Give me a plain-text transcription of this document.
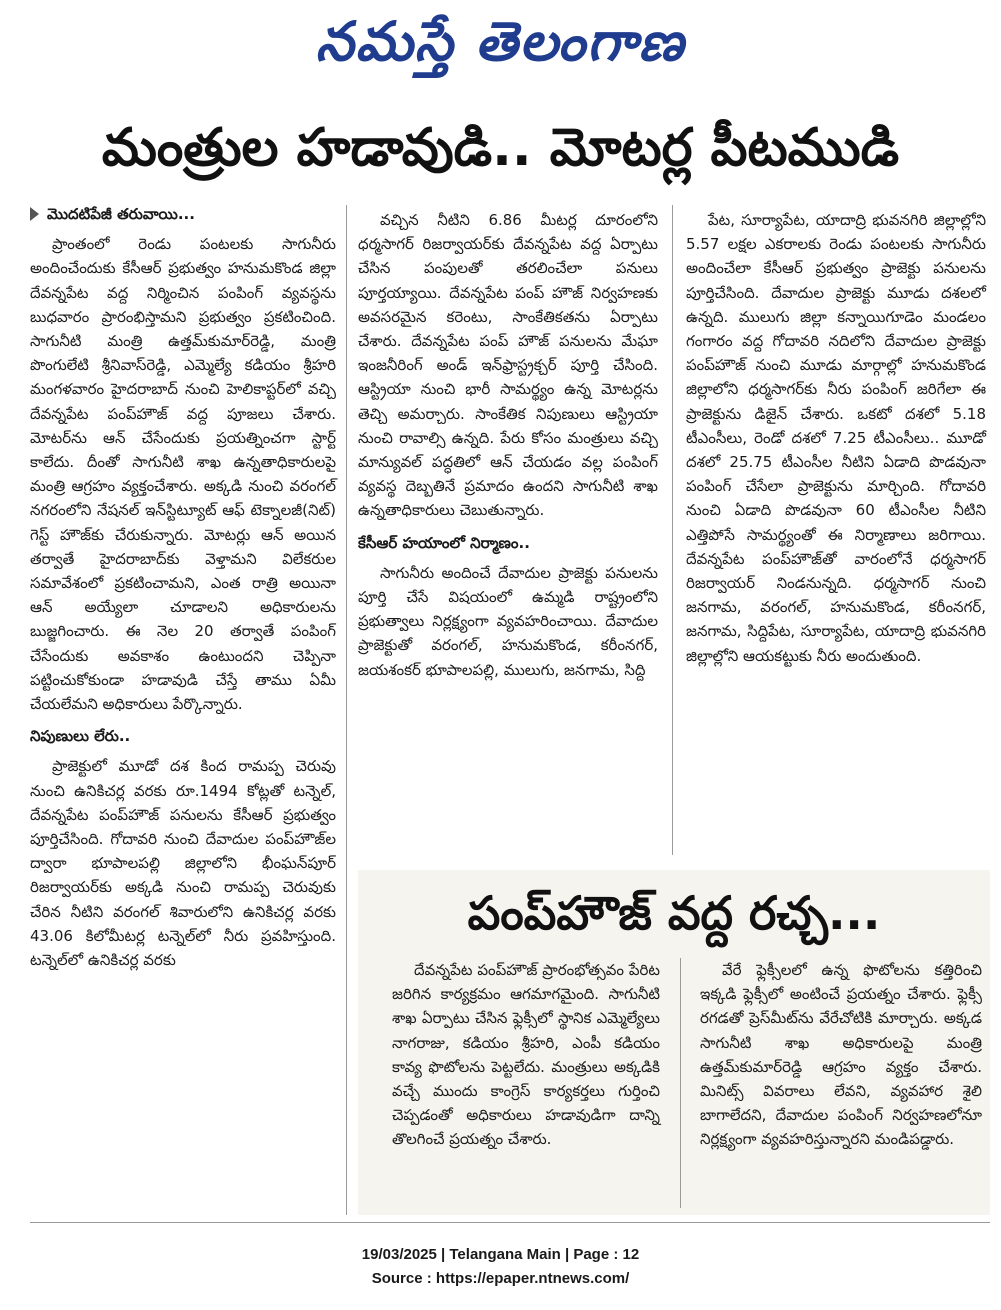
నమస్తే తెలంగాణ
మంత్రుల హడావుడి.. మోటర్ల పీటముడి

మొదటిపేజీ తరువాయి...

ప్రాంతంలో రెండు పంటలకు సాగునీరు అందించేందుకు కేసీఆర్‌ ప్రభుత్వం హనుమకొండ జిల్లా దేవన్నపేట వద్ద నిర్మించిన పంపింగ్‌ వ్యవస్థను బుధవారం ప్రారంభిస్తామని ప్రభుత్వం ప్రకటించింది. సాగునీటి మంత్రి ఉత్తమ్‌కుమార్‌రెడ్డి, మంత్రి పొంగులేటి శ్రీనివాస్‌రెడ్డి, ఎమ్మెల్యే కడియం శ్రీహరి మంగళవారం హైదరాబాద్‌ నుంచి హెలికాప్టర్‌లో వచ్చి దేవన్నపేట పంప్‌హౌజ్‌ వద్ద పూజలు చేశారు. మోటర్‌ను ఆన్‌ చేసేందుకు ప్రయత్నించగా స్టార్ట్‌ కాలేదు. దీంతో సాగునీటి శాఖ ఉన్నతాధికారులపై మంత్రి ఆగ్రహం వ్యక్తంచేశారు. అక్కడి నుంచి వరంగల్‌ నగరంలోని నేషనల్‌ ఇన్‌స్టిట్యూట్‌ ఆఫ్‌ టెక్నాలజీ(నిట్‌) గెస్ట్‌ హౌజ్‌కు చేరుకున్నారు. మోటర్లు ఆన్‌ అయిన తర్వాతే హైదరాబాద్‌కు వెళ్తామని విలేకరుల సమావేశంలో ప్రకటించామని, ఎంత రాత్రి అయినా ఆన్‌ అయ్యేలా చూడాలని అధికారులను బుజ్జగించారు. ఈ నెల 20 తర్వాతే పంపింగ్‌ చేసేందుకు అవకాశం ఉంటుందని చెప్పినా పట్టించుకోకుండా హడావుడి చేస్తే తాము ఏమీ చేయలేమని అధికారులు పేర్కొన్నారు.

నిపుణులు లేరు..

ప్రాజెక్టులో మూడో దశ కింద రామప్ప చెరువు నుంచి ఉనికిచర్ల వరకు రూ.1494 కోట్లతో టన్నెల్‌, దేవన్నపేట పంప్‌హౌజ్‌ పనులను కేసీఆర్‌ ప్రభుత్వం పూర్తిచేసింది. గోదావరి నుంచి దేవాదుల పంప్‌హౌజ్‌ల ద్వారా భూపాలపల్లి జిల్లాలోని భీంఘన్‌పూర్‌ రిజర్వాయర్‌కు అక్కడి నుంచి రామప్ప చెరువుకు చేరిన నీటిని వరంగల్‌ శివారులోని ఉనికిచర్ల వరకు 43.06 కిలోమీటర్ల టన్నెల్‌లో నీరు ప్రవహిస్తుంది. టన్నెల్‌లో ఉనికిచర్ల వరకు

వచ్చిన నీటిని 6.86 మీటర్ల దూరంలోని ధర్మసాగర్‌ రిజర్వాయర్‌కు దేవన్నపేట వద్ద ఏర్పాటు చేసిన పంపులతో తరలించేలా పనులు పూర్తయ్యాయి. దేవన్నపేట పంప్‌ హౌజ్‌ నిర్వహణకు అవసరమైన కరెంటు, సాంకేతికతను ఏర్పాటు చేశారు. దేవన్నపేట పంప్‌ హౌజ్‌ పనులను మేఘా ఇంజనీరింగ్‌ అండ్‌ ఇన్‌ఫ్రాస్ట్రక్చర్‌ పూర్తి చేసింది. ఆస్ట్రియా నుంచి భారీ సామర్థ్యం ఉన్న మోటర్లను తెచ్చి అమర్చారు. సాంకేతిక నిపుణులు ఆస్ట్రియా నుంచి రావాల్సి ఉన్నది. పేరు కోసం మంత్రులు వచ్చి మాన్యువల్‌ పద్ధతిలో ఆన్‌ చేయడం వల్ల పంపింగ్‌ వ్యవస్థ దెబ్బతినే ప్రమాదం ఉందని సాగునీటి శాఖ ఉన్నతాధికారులు చెబుతున్నారు.

కేసీఆర్‌ హయాంలో నిర్మాణం..

సాగునీరు అందించే దేవాదుల ప్రాజెక్టు పనులను పూర్తి చేసే విషయంలో ఉమ్మడి రాష్ట్రంలోని ప్రభుత్వాలు నిర్లక్ష్యంగా వ్యవహరించాయి. దేవాదుల ప్రాజెక్టుతో వరంగల్‌, హనుమకొండ, కరీంనగర్‌, జయశంకర్‌ భూపాలపల్లి, ములుగు, జనగామ, సిద్ది

పేట, సూర్యాపేట, యాదాద్రి భువనగిరి జిల్లాల్లోని 5.57 లక్షల ఎకరాలకు రెండు పంటలకు సాగునీరు అందించేలా కేసీఆర్‌ ప్రభుత్వం ప్రాజెక్టు పనులను పూర్తిచేసింది. దేవాదుల ప్రాజెక్టు మూడు దశలలో ఉన్నది. ములుగు జిల్లా కన్నాయిగూడెం మండలం గంగారం వద్ద గోదావరి నదిలోని దేవాదుల ప్రాజెక్టు పంప్‌హౌజ్‌ నుంచి మూడు మార్గాల్లో హనుమకొండ జిల్లాలోని ధర్మసాగర్‌కు నీరు పంపింగ్‌ జరిగేలా ఈ ప్రాజెక్టును డిజైన్‌ చేశారు. ఒకటో దశలో 5.18 టీఎంసీలు, రెండో దశలో 7.25 టీఎంసీలు.. మూడో దశలో 25.75 టీఎంసీల నీటిని ఏడాది పొడవునా పంపింగ్‌ చేసేలా ప్రాజెక్టును మార్చింది. గోదావరి నుంచి ఏడాది పొడవునా 60 టీఎంసీల నీటిని ఎత్తిపోసే సామర్థ్యంతో ఈ నిర్మాణాలు జరిగాయి. దేవన్నపేట పంప్‌హౌజ్‌తో వారంలోనే ధర్మసాగర్‌ రిజర్వాయర్‌ నిండనున్నది. ధర్మసాగర్‌ నుంచి జనగామ, వరంగల్‌, హనుమకొండ, కరీంనగర్‌, జనగామ, సిద్దిపేట, సూర్యాపేట, యాదాద్రి భువనగిరి జిల్లాల్లోని ఆయకట్టుకు నీరు అందుతుంది.

పంప్‌హౌజ్‌ వద్ద రచ్చ...

దేవన్నపేట పంప్‌హౌజ్‌ ప్రారంభోత్సవం పేరిట జరిగిన కార్యక్రమం ఆగమాగమైంది. సాగునీటి శాఖ ఏర్పాటు చేసిన ఫ్లెక్సీలో స్థానిక ఎమ్మెల్యేలు నాగరాజు, కడియం శ్రీహరి, ఎంపీ కడియం కావ్య ఫొటోలను పెట్టలేదు. మంత్రులు అక్కడికి వచ్చే ముందు కాంగ్రెస్‌ కార్యకర్తలు గుర్తించి చెప్పడంతో అధికారులు హడావుడిగా దాన్ని తొలగించే ప్రయత్నం చేశారు.

వేరే ఫ్లెక్సీలలో ఉన్న ఫొటోలను కత్తిరించి ఇక్కడి ఫ్లెక్సీలో అంటించే ప్రయత్నం చేశారు. ఫ్లెక్సీ రగడతో ప్రెస్‌మీట్‌ను వేరేచోటికి మార్చారు. అక్కడ సాగునీటి శాఖ అధికారులపై మంత్రి ఉత్తమ్‌కుమార్‌రెడ్డి ఆగ్రహం వ్యక్తం చేశారు. మినిట్స్‌ వివరాలు లేవని, వ్యవహార శైలి బాగాలేదని, దేవాదుల పంపింగ్‌ నిర్వహణలోనూ నిర్లక్ష్యంగా వ్యవహరిస్తున్నారని మండిపడ్డారు.

19/03/2025 | Telangana Main | Page : 12
Source : https://epaper.ntnews.com/
